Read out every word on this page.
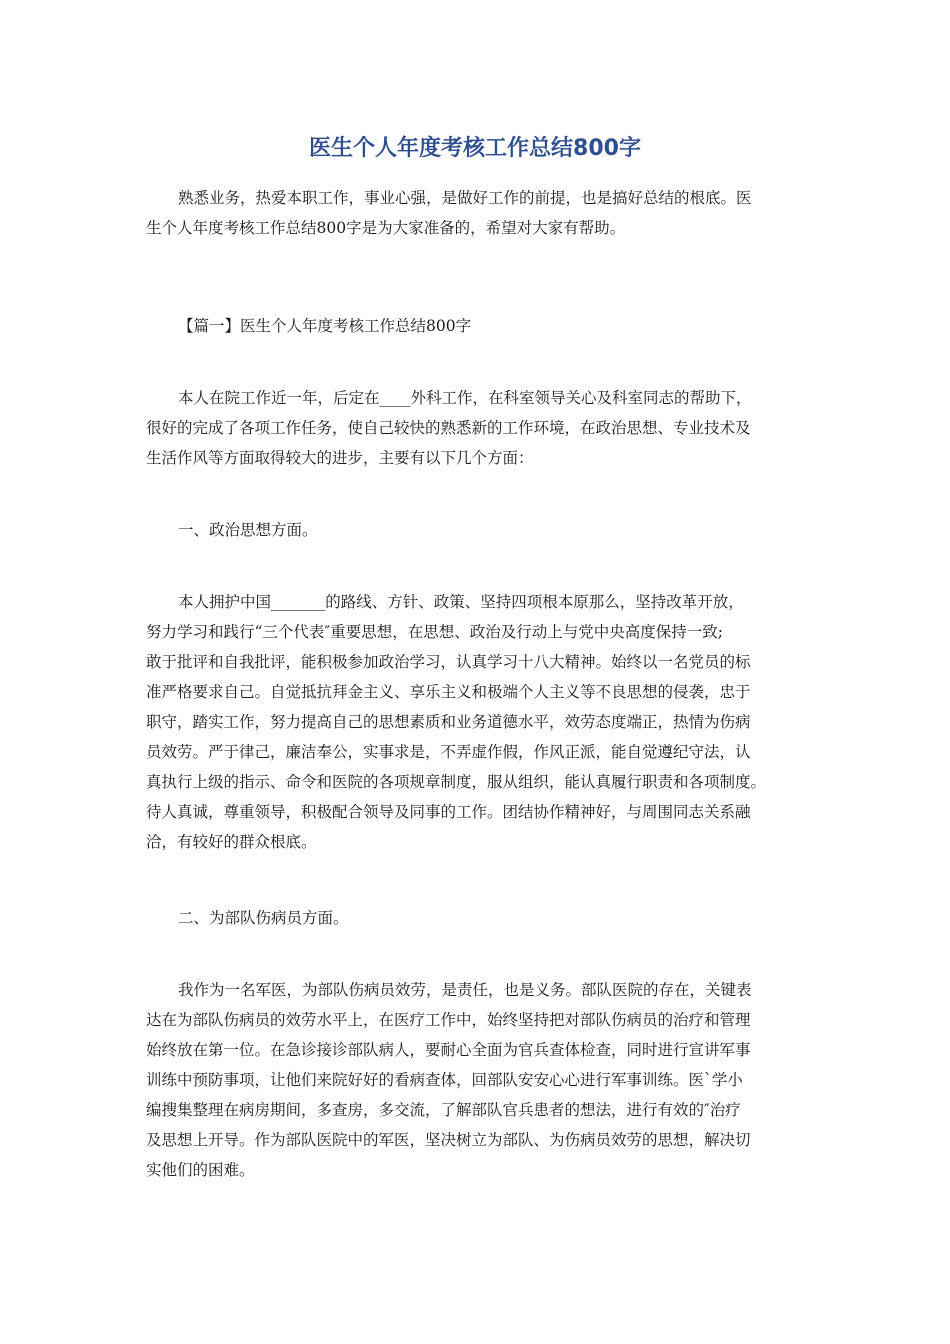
医生个人年度考核工作总结800字

熟悉业务，热爱本职工作，事业心强，是做好工作的前提，也是搞好总结的根底。医
生个人年度考核工作总结800字是为大家准备的，希望对大家有帮助。

【篇一】医生个人年度考核工作总结800字

本人在院工作近一年，后定在____外科工作，在科室领导关心及科室同志的帮助下，
很好的完成了各项工作任务，使自己较快的熟悉新的工作环境，在政治思想、专业技术及
生活作风等方面取得较大的进步，主要有以下几个方面：

一、政治思想方面。

本人拥护中国_______的路线、方针、政策、坚持四项根本原那么，坚持改革开放，
努力学习和践行“三个代表″重要思想，在思想、政治及行动上与党中央高度保持一致;
敢于批评和自我批评，能积极参加政治学习，认真学习十八大精神。始终以一名党员的标
准严格要求自己。自觉抵抗拜金主义、享乐主义和极端个人主义等不良思想的侵袭，忠于
职守，踏实工作，努力提高自己的思想素质和业务道德水平，效劳态度端正，热情为伤病
员效劳。严于律己，廉洁奉公，实事求是，不弄虚作假，作风正派，能自觉遵纪守法，认
真执行上级的指示、命令和医院的各项规章制度，服从组织，能认真履行职责和各项制度。
待人真诚，尊重领导，积极配合领导及同事的工作。团结协作精神好，与周围同志关系融
洽，有较好的群众根底。

二、为部队伤病员方面。

我作为一名军医，为部队伤病员效劳，是责任，也是义务。部队医院的存在，关键表
达在为部队伤病员的效劳水平上，在医疗工作中，始终坚持把对部队伤病员的治疗和管理
始终放在第一位。在急诊接诊部队病人，要耐心全面为官兵查体检查，同时进行宣讲军事
训练中预防事项，让他们来院好好的看病查体，回部队安安心心进行军事训练。医`学小
编搜集整理在病房期间，多查房，多交流，了解部队官兵患者的想法，进行有效的″治疗
及思想上开导。作为部队医院中的军医，坚决树立为部队、为伤病员效劳的思想，解决切
实他们的困难。
